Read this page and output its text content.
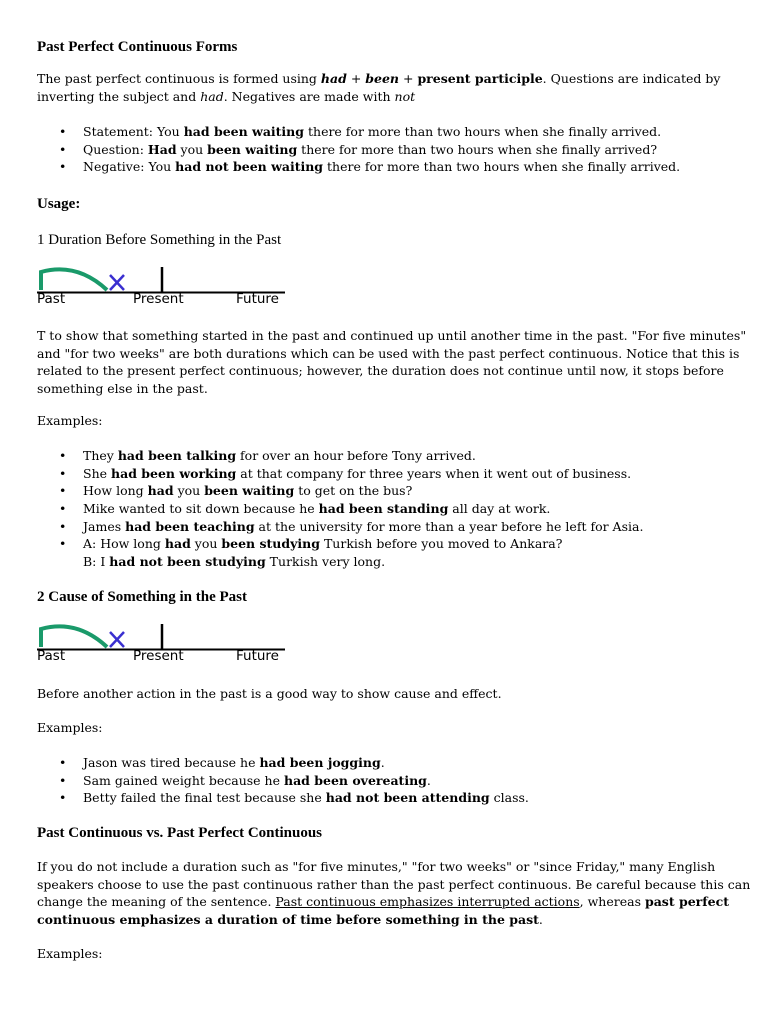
Past Perfect Continuous Forms

The past perfect continuous is formed using had + been + present participle. Questions are indicated by

inverting the subject and had. Negatives are made with not

• Statement: You had been waiting there for more than two hours when she finally arrived.
• Question: Had you been waiting there for more than two hours when she finally arrived?
• Negative: You had not been waiting there for more than two hours when she finally arrived.
Usage:
1 Duration Before Something in the Past
Past	Present	Future

T to show that something started in the past and continued up until another time in the past. "For five minutes"

and "for two weeks" are both durations which can be used with the past perfect continuous. Notice that this is

related to the present perfect continuous; however, the duration does not continue until now, it stops before

something else in the past.

Examples:

• They had been talking for over an hour before Tony arrived.
• She had been working at that company for three years when it went out of business.
• How long had you been waiting to get on the bus?
• Mike wanted to sit down because he had been standing all day at work.
• James had been teaching at the university for more than a year before he left for Asia.
• A: How long had you been studying Turkish before you moved to Ankara?
B: I had not been studying Turkish very long.
2 Cause of Something in the Past
Past	Present	Future

Before another action in the past is a good way to show cause and effect.

Examples:

• Jason was tired because he had been jogging.
• Sam gained weight because he had been overeating.
• Betty failed the final test because she had not been attending class.
Past Continuous vs. Past Perfect Continuous

If you do not include a duration such as "for five minutes," "for two weeks" or "since Friday," many English

speakers choose to use the past continuous rather than the past perfect continuous. Be careful because this can

change the meaning of the sentence. Past continuous emphasizes interrupted actions, whereas past perfect

continuous emphasizes a duration of time before something in the past.

Examples:
